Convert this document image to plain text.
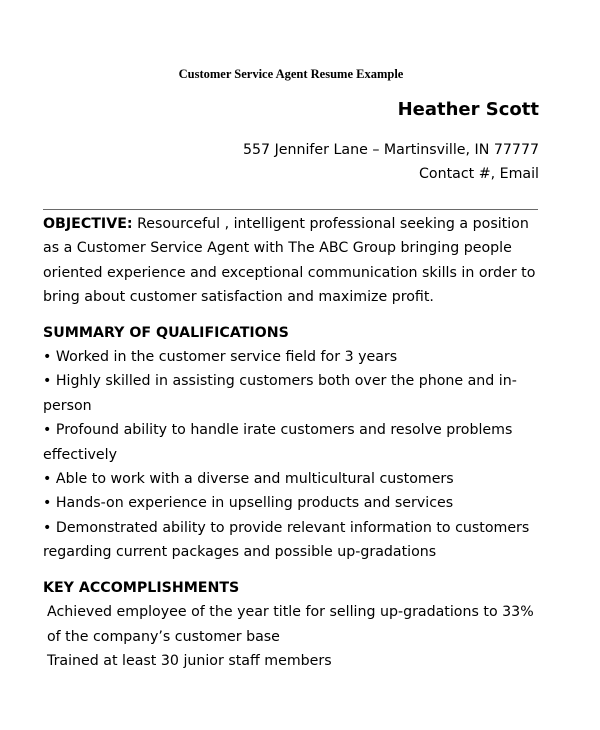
Customer Service Agent Resume Example

Heather Scott

557 Jennifer Lane – Martinsville, IN 77777

Contact #, Email

OBJECTIVE: Resourceful , intelligent professional seeking a position as a Customer Service Agent with The ABC Group bringing people oriented experience and exceptional communication skills in order to bring about customer satisfaction and maximize profit.

SUMMARY OF QUALIFICATIONS

• Worked in the customer service field for 3 years
• Highly skilled in assisting customers both over the phone and in-person
• Profound ability to handle irate customers and resolve problems effectively
• Able to work with a diverse and multicultural customers
• Hands-on experience in upselling products and services
• Demonstrated ability to provide relevant information to customers regarding current packages and possible up-gradations

KEY ACCOMPLISHMENTS

Achieved employee of the year title for selling up-gradations to 33% of the company’s customer base
Trained at least 30 junior staff members
